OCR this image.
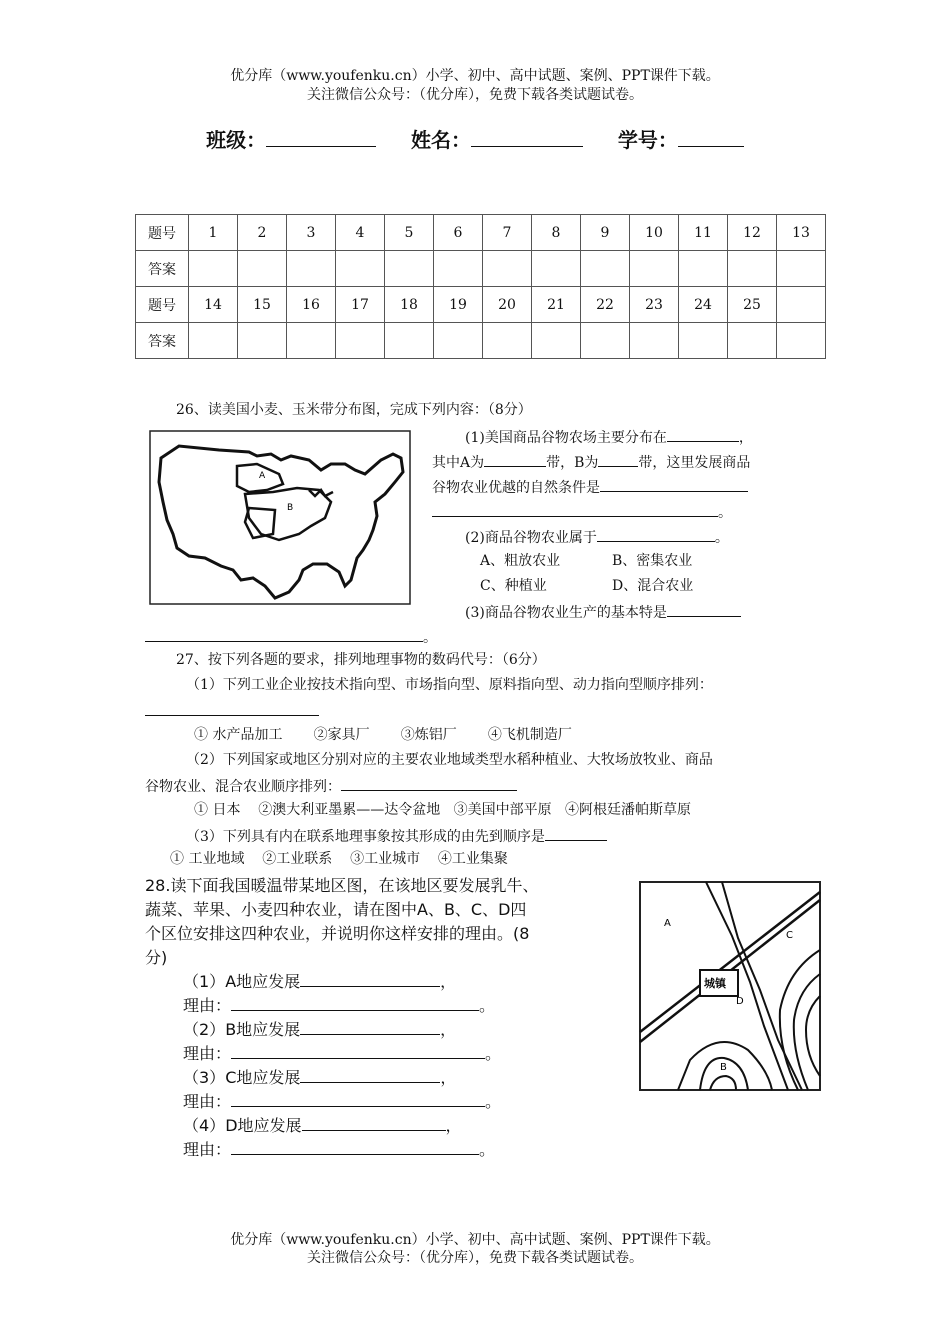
优分库（www.youfenku.cn）小学、初中、高中试题、案例、PPT课件下载。
关注微信公众号：（优分库），免费下载各类试题试卷。
班级：	姓名：	学号：
题号	1	2	3	4	5	6	7	8	9	10	11	12	13
答案													
题号	14	15	16	17	18	19	20	21	22	23	24	25	
答案													
26、读美国小麦、玉米带分布图，完成下列内容：（8分）
A
B
(1)美国商品谷物农场主要分布在	，
其中A为	带，B为	带，这里发展商品
谷物农业优越的自然条件是
。
(2)商品谷物农业属于	。
A、粗放农业	B、密集农业
C、种植业	D、混合农业
(3)商品谷物农业生产的基本特是
。
27、按下列各题的要求，排列地理事物的数码代号：（6分）
（1）下列工业企业按技术指向型、市场指向型、原料指向型、动力指向型顺序排列：
① 水产品加工 ②家具厂 ③炼铝厂 ④飞机制造厂
（2）下列国家或地区分别对应的主要农业地域类型水稻种植业、大牧场放牧业、商品
谷物农业、混合农业顺序排列：
① 日本 ②澳大利亚墨累——达令盆地 ③美国中部平原 ④阿根廷潘帕斯草原
（3）下列具有内在联系地理事象按其形成的由先到顺序是
① 工业地域 ②工业联系 ③工业城市 ④工业集聚
28.读下面我国暖温带某地区图，在该地区要发展乳牛、
蔬菜、苹果、小麦四种农业，请在图中A、B、C、D四
个区位安排这四种农业，并说明你这样安排的理由。(8
分)
（1）A地应发展	，
理由：	。
（2）B地应发展	，
理由：	。
（3）C地应发展	，
理由：	。
（4）D地应发展	，
理由：	。
城镇
A
B
C
D
优分库（www.youfenku.cn）小学、初中、高中试题、案例、PPT课件下载。
关注微信公众号：（优分库），免费下载各类试题试卷。
